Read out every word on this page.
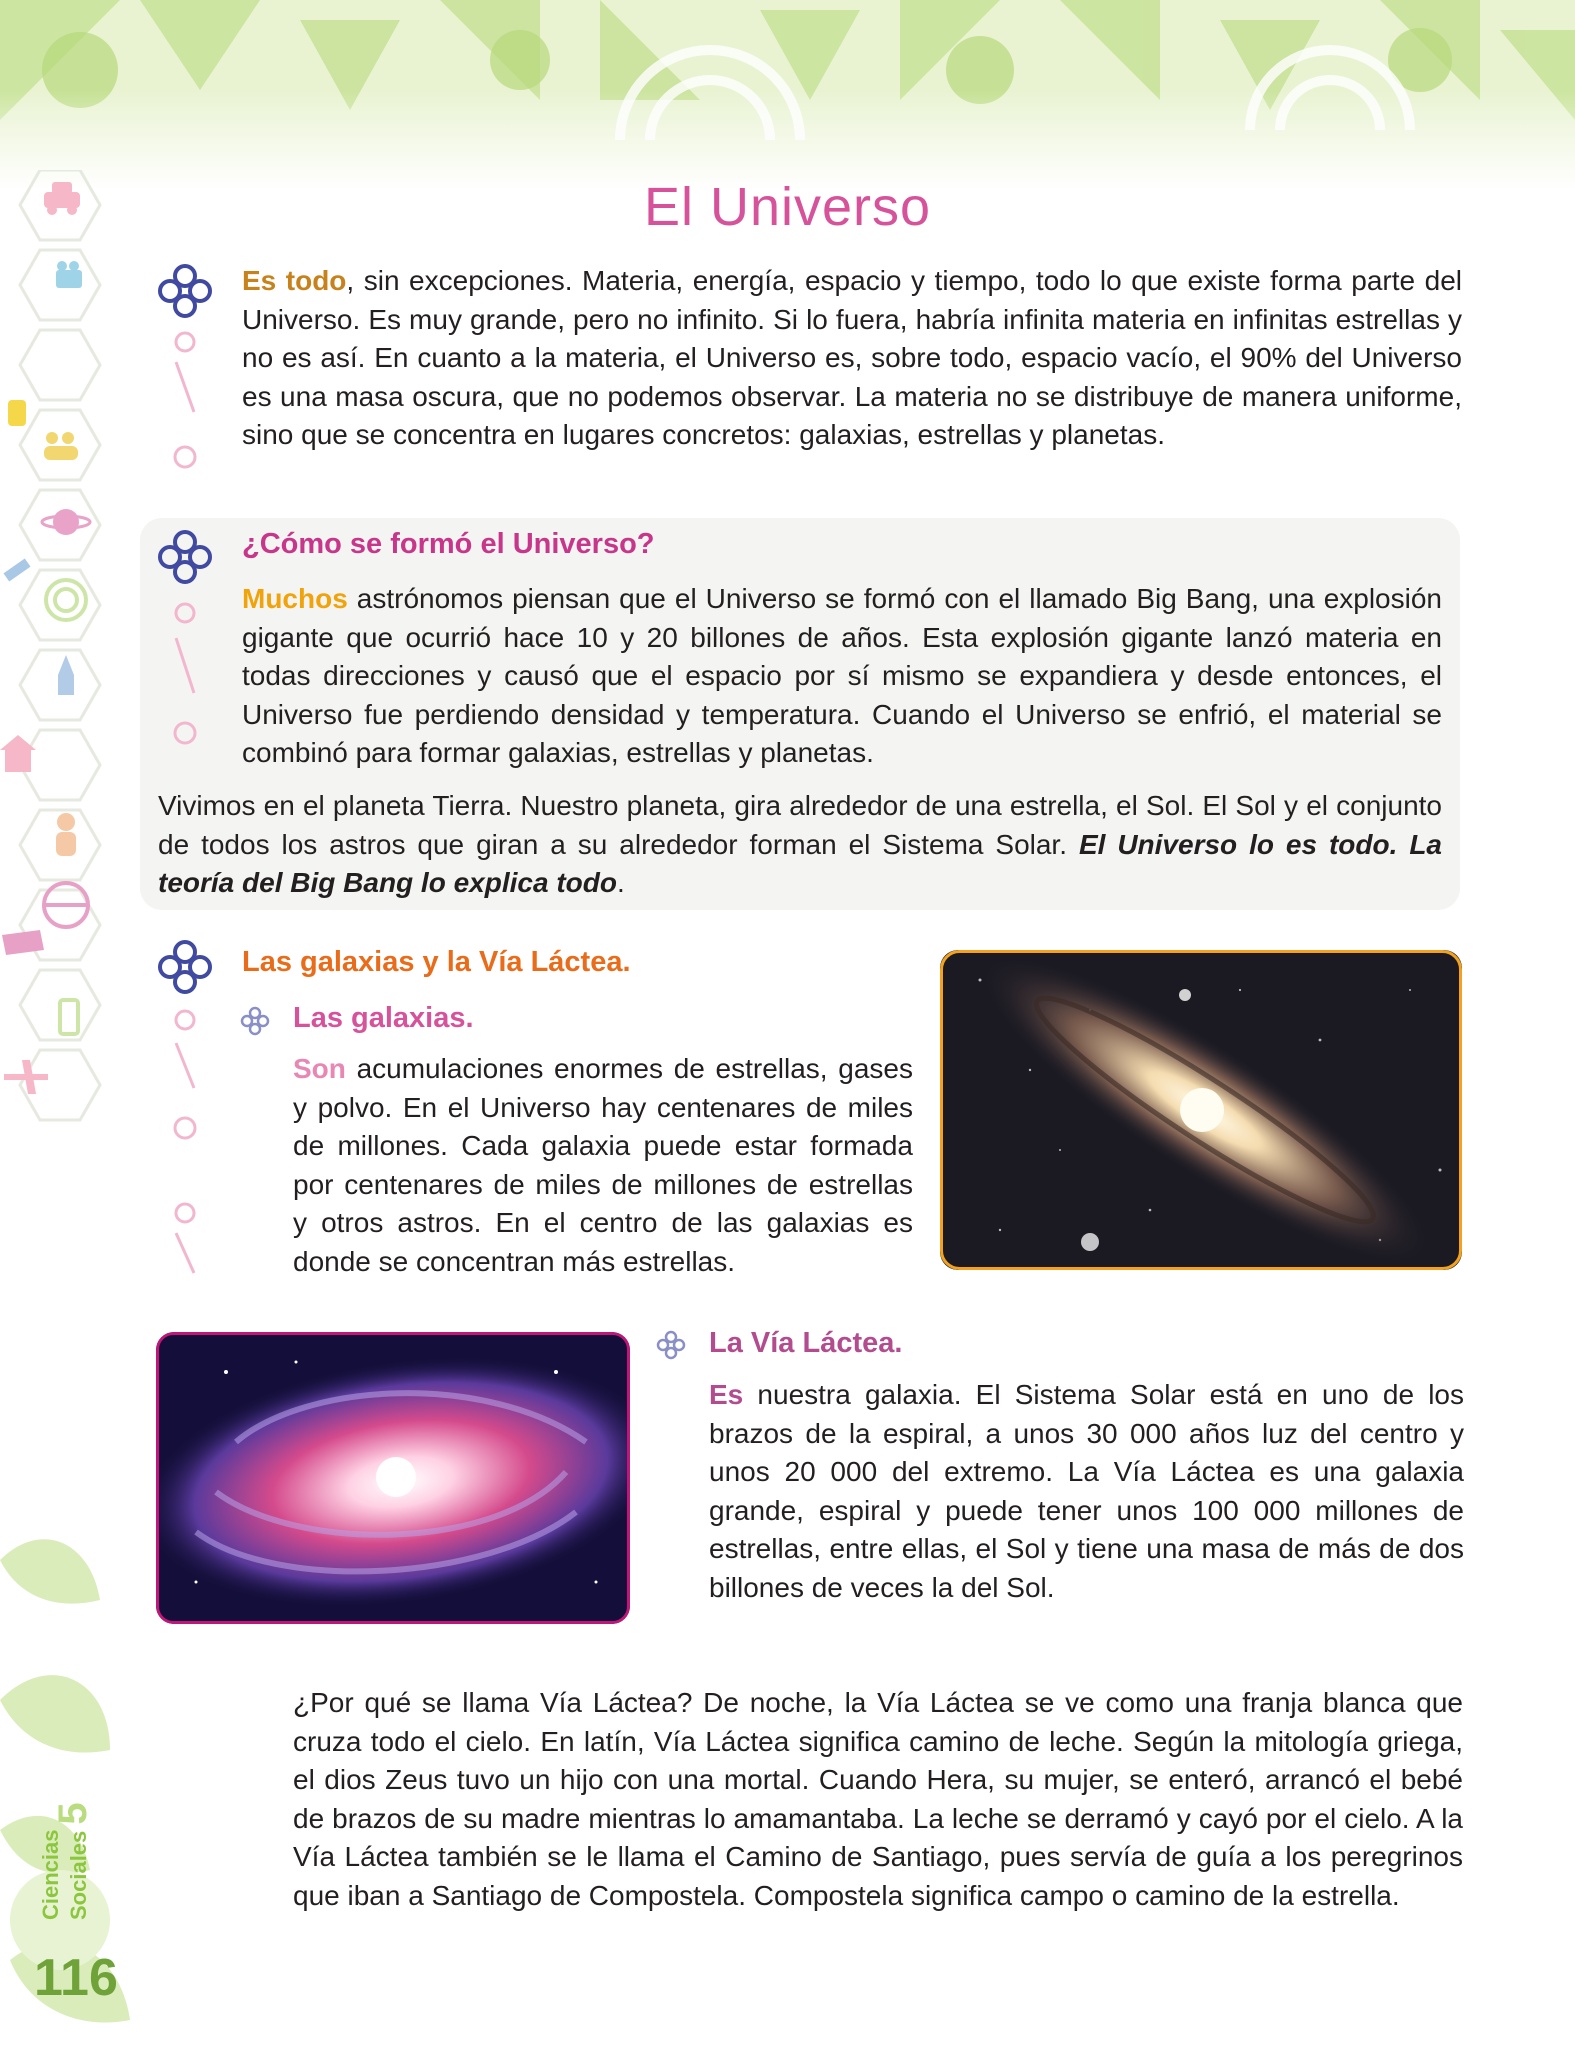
Ciencias Sociales 5
116
El Universo
Es todo, sin excepciones. Materia, energía, espacio y tiempo, todo lo que existe forma parte del Universo. Es muy grande, pero no infinito. Si lo fuera, habría infinita materia en infinitas estrellas y no es así. En cuanto a la materia, el Universo es, sobre todo, espacio vacío, el 90% del Universo es una masa oscura, que no podemos observar. La materia no se distribuye de manera uniforme, sino que se concentra en lugares concretos: galaxias, estrellas y planetas.
¿Cómo se formó el Universo?
Muchos astrónomos piensan que el Universo se formó con el llamado Big Bang, una explosión gigante que ocurrió hace 10 y 20 billones de años. Esta explosión gigante lanzó materia en todas direcciones y causó que el espacio por sí mismo se expandiera y desde entonces, el Universo fue perdiendo densidad y temperatura. Cuando el Universo se enfrió, el material se combinó para formar galaxias, estrellas y planetas.
Vivimos en el planeta Tierra. Nuestro planeta, gira alrededor de una estrella, el Sol. El Sol y el conjunto de todos los astros que giran a su alrededor forman el Sistema Solar. El Universo lo es todo. La teoría del Big Bang lo explica todo.
Las galaxias y la Vía Láctea.
Las galaxias.
Son acumulaciones enormes de estrellas, gases y polvo. En el Universo hay centenares de miles de millones. Cada galaxia puede estar formada por centenares de miles de millones de estrellas y otros astros. En el centro de las galaxias es donde se concentran más estrellas.
La Vía Láctea.
Es nuestra galaxia. El Sistema Solar está en uno de los brazos de la espiral, a unos 30 000 años luz del centro y unos 20 000 del extremo. La Vía Láctea es una galaxia grande, espiral y puede tener unos 100 000 millones de estrellas, entre ellas, el Sol y tiene una masa de más de dos billones de veces la del Sol.
¿Por qué se llama Vía Láctea? De noche, la Vía Láctea se ve como una franja blanca que cruza todo el cielo. En latín, Vía Láctea significa camino de leche. Según la mitología griega, el dios Zeus tuvo un hijo con una mortal. Cuando Hera, su mujer, se enteró, arrancó el bebé de brazos de su madre mientras lo amamantaba. La leche se derramó y cayó por el cielo. A la Vía Láctea también se le llama el Camino de Santiago, pues servía de guía a los peregrinos que iban a Santiago de Compostela. Compostela significa campo o camino de la estrella.
